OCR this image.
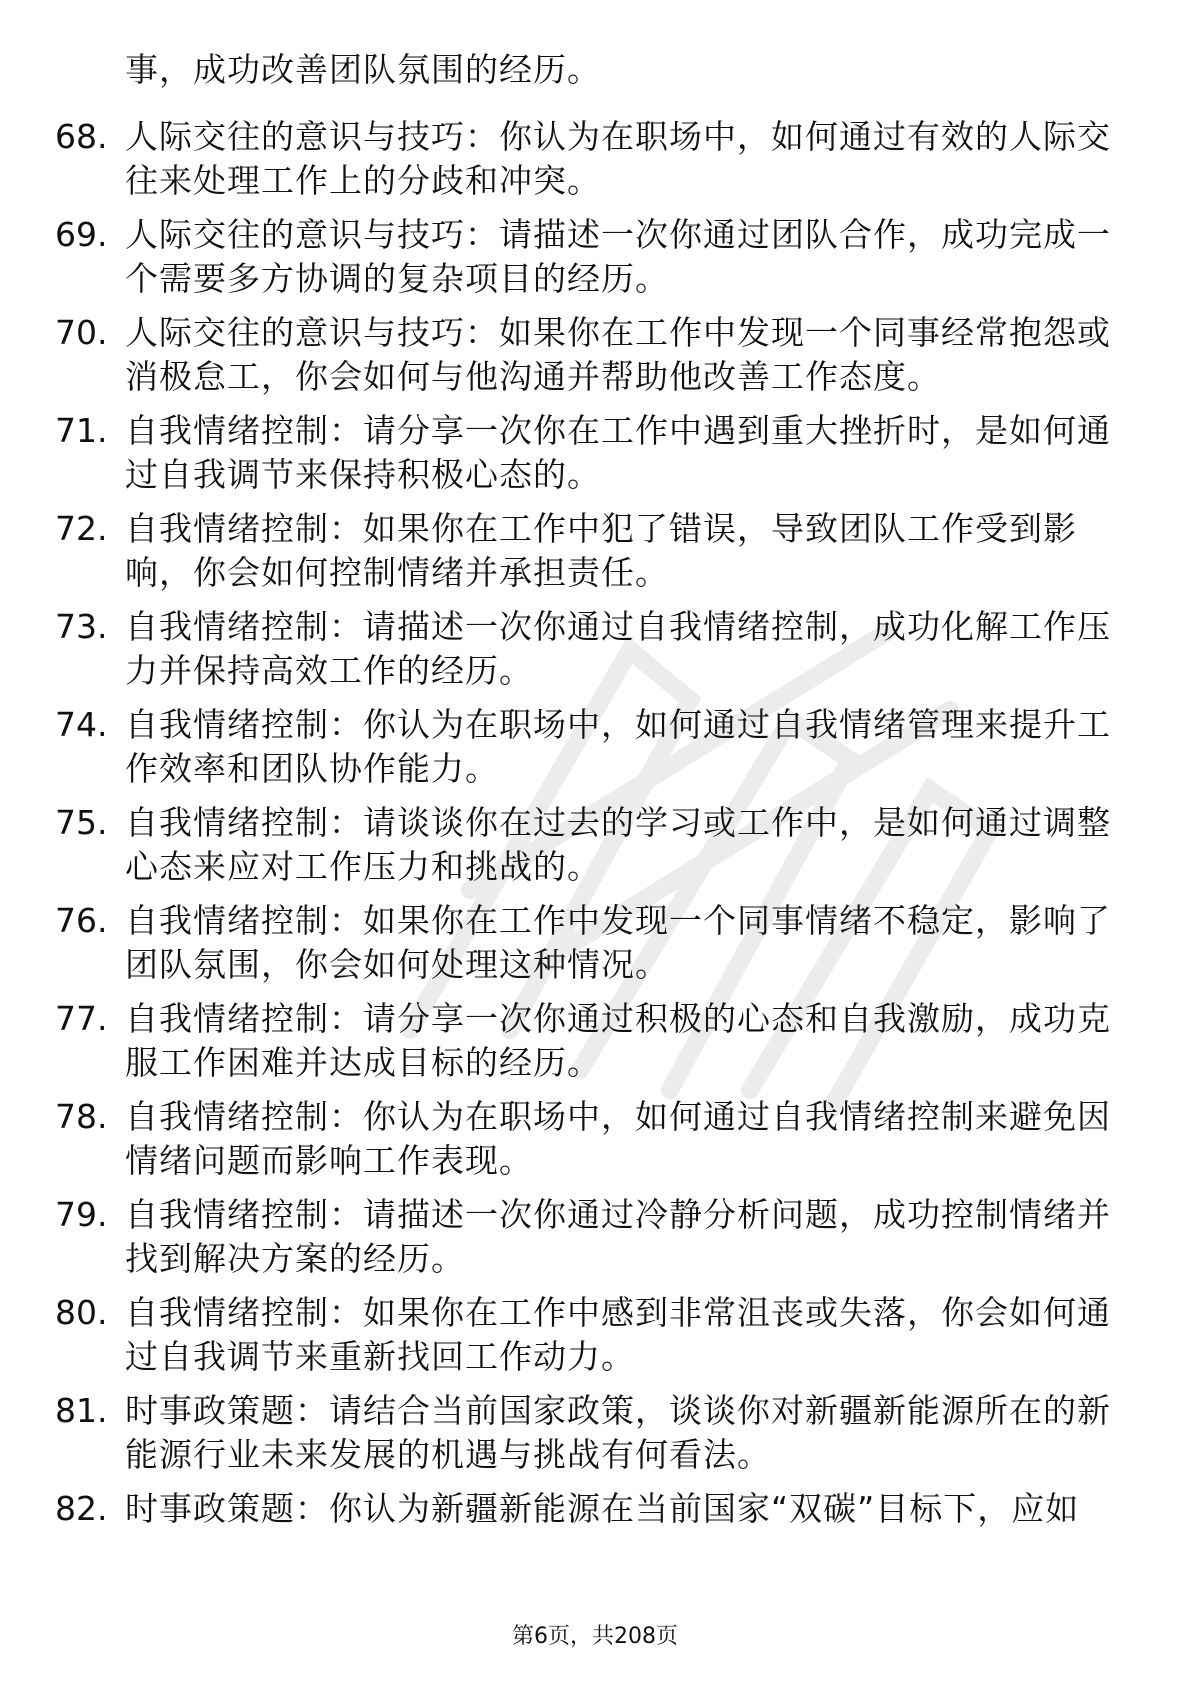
事，成功改善团队氛围的经历。
68. 人际交往的意识与技巧：你认为在职场中，如何通过有效的人际交往来处理工作上的分歧和冲突。
69. 人际交往的意识与技巧：请描述一次你通过团队合作，成功完成一个需要多方协调的复杂项目的经历。
70. 人际交往的意识与技巧：如果你在工作中发现一个同事经常抱怨或消极怠工，你会如何与他沟通并帮助他改善工作态度。
71. 自我情绪控制：请分享一次你在工作中遇到重大挫折时，是如何通过自我调节来保持积极心态的。
72. 自我情绪控制：如果你在工作中犯了错误，导致团队工作受到影响，你会如何控制情绪并承担责任。
73. 自我情绪控制：请描述一次你通过自我情绪控制，成功化解工作压力并保持高效工作的经历。
74. 自我情绪控制：你认为在职场中，如何通过自我情绪管理来提升工作效率和团队协作能力。
75. 自我情绪控制：请谈谈你在过去的学习或工作中，是如何通过调整心态来应对工作压力和挑战的。
76. 自我情绪控制：如果你在工作中发现一个同事情绪不稳定，影响了团队氛围，你会如何处理这种情况。
77. 自我情绪控制：请分享一次你通过积极的心态和自我激励，成功克服工作困难并达成目标的经历。
78. 自我情绪控制：你认为在职场中，如何通过自我情绪控制来避免因情绪问题而影响工作表现。
79. 自我情绪控制：请描述一次你通过冷静分析问题，成功控制情绪并找到解决方案的经历。
80. 自我情绪控制：如果你在工作中感到非常沮丧或失落，你会如何通过自我调节来重新找回工作动力。
81. 时事政策题：请结合当前国家政策，谈谈你对新疆新能源所在的新能源行业未来发展的机遇与挑战有何看法。
82. 时事政策题：你认为新疆新能源在当前国家“双碳”目标下，应如
第6页，共208页
